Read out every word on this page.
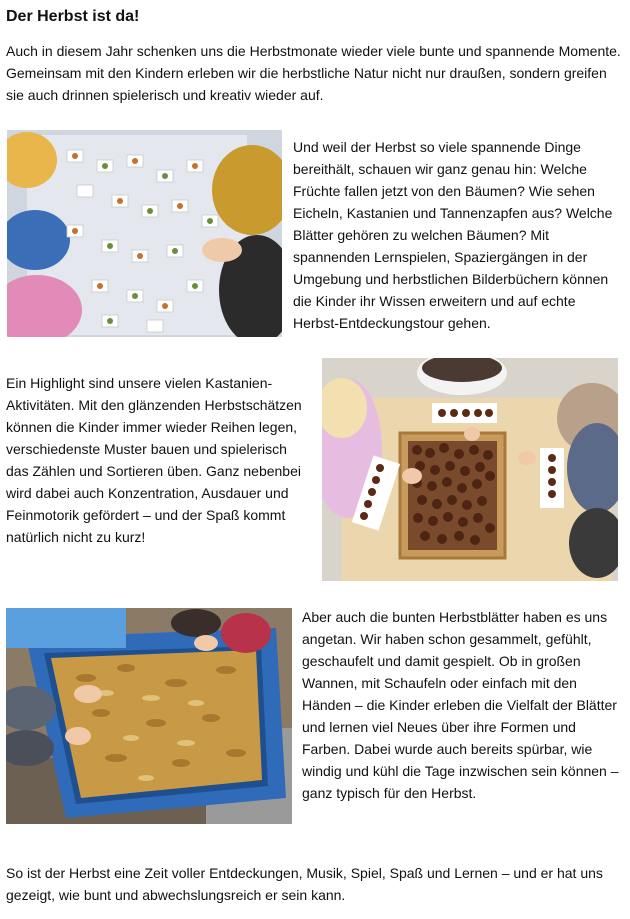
Der Herbst ist da!

Auch in diesem Jahr schenken uns die Herbstmonate wieder viele bunte und spannende Momente. Gemeinsam mit den Kindern erleben wir die herbstliche Natur nicht nur draußen, sondern greifen sie auch drinnen spielerisch und kreativ wieder auf.

Und weil der Herbst so viele spannende Dinge bereithält, schauen wir ganz genau hin: Welche Früchte fallen jetzt von den Bäumen? Wie sehen Eicheln, Kastanien und Tannenzapfen aus? Welche Blätter gehören zu welchen Bäumen? Mit spannenden Lernspielen, Spaziergängen in der Umgebung und herbstlichen Bilderbüchern können die Kinder ihr Wissen erweitern und auf echte Herbst-Entdeckungstour gehen.

Ein Highlight sind unsere vielen Kastanien-Aktivitäten. Mit den glänzenden Herbstschätzen können die Kinder immer wieder Reihen legen, verschiedenste Muster bauen und spielerisch das Zählen und Sortieren üben. Ganz nebenbei wird dabei auch Konzentration, Ausdauer und Feinmotorik gefördert – und der Spaß kommt natürlich nicht zu kurz!

Aber auch die bunten Herbstblätter haben es uns angetan. Wir haben schon gesammelt, gefühlt, geschaufelt und damit gespielt. Ob in großen Wannen, mit Schaufeln oder einfach mit den Händen – die Kinder erleben die Vielfalt der Blätter und lernen viel Neues über ihre Formen und Farben. Dabei wurde auch bereits spürbar, wie windig und kühl die Tage inzwischen sein können – ganz typisch für den Herbst.

So ist der Herbst eine Zeit voller Entdeckungen, Musik, Spiel, Spaß und Lernen – und er hat uns gezeigt, wie bunt und abwechslungsreich er sein kann.
